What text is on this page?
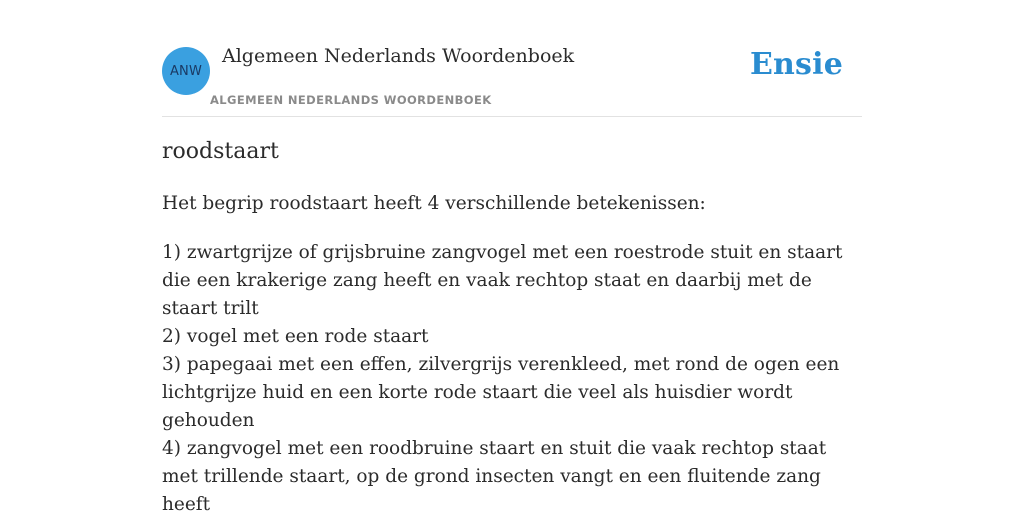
ANW
Algemeen Nederlands Woordenboek
ALGEMEEN NEDERLANDS WOORDENBOEK
Ensie
roodstaart
Het begrip roodstaart heeft 4 verschillende betekenissen:
1) zwartgrijze of grijsbruine zangvogel met een roestrode stuit en staart die een krakerige zang heeft en vaak rechtop staat en daarbij met de staart trilt
2) vogel met een rode staart
3) papegaai met een effen, zilvergrijs verenkleed, met rond de ogen een lichtgrijze huid en een korte rode staart die veel als huisdier wordt gehouden
4) zangvogel met een roodbruine staart en stuit die vaak rechtop staat met trillende staart, op de grond insecten vangt en een fluitende zang heeft
